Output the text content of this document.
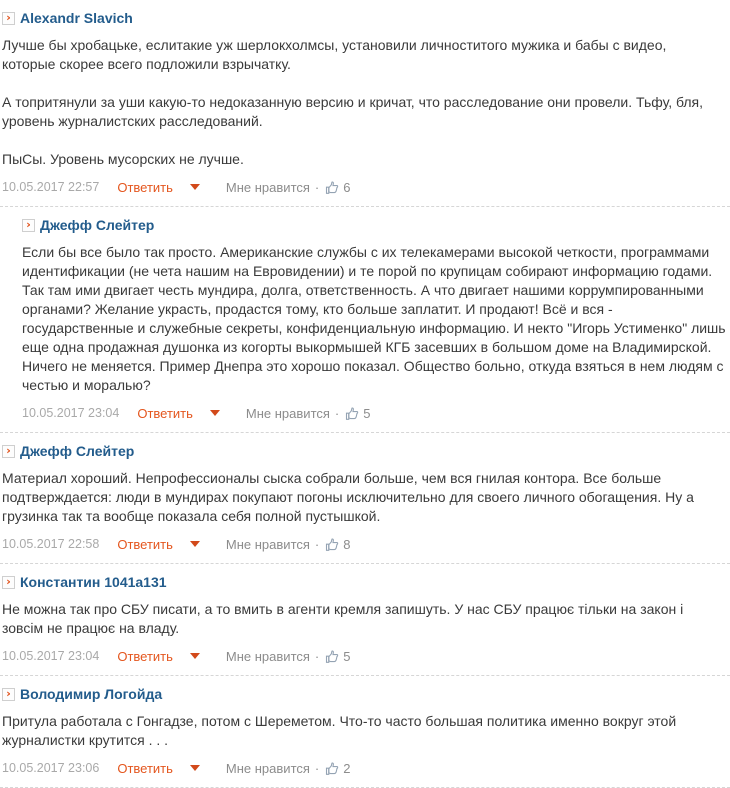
› Alexandr Slavich

Лучше бы хробацьке, еслитакие уж шерлокхолмсы, установили личноститого мужика и бабы с видео, которые скорее всего подложили взрычатку.

А топритянули за уши какую-то недоказанную версию и кричат, что расследование они провели. Тьфу, бля, уровень журналистских расследований.

ПыСы. Уровень мусорских не лучше.

10.05.2017 22:57 Ответить	Мне нравится · 6
› Джефф Слейтер

Если бы все было так просто. Американские службы с их телекамерами высокой четкости, программами идентификации (не чета нашим на Евровидении) и те порой по крупицам собирают информацию годами. Так там ими двигает честь мундира, долга, ответственность. А что двигает нашими коррумпированными органами? Желание украсть, продастся тому, кто больше заплатит. И продают! Всё и вся - государственные и служебные секреты, конфиденциальную информацию. И некто "Игорь Устименко" лишь еще одна продажная душонка из когорты выкормышей КГБ засевших в большом доме на Владимирской.

Ничего не меняется. Пример Днепра это хорошо показал. Общество больно, откуда взяться в нем людям с честью и моралью?

10.05.2017 23:04 Ответить	Мне нравится · 5
› Джефф Слейтер

Материал хороший. Непрофессионалы сыска собрали больше, чем вся гнилая контора. Все больше подтверждается: люди в мундирах покупают погоны исключительно для своего личного обогащения. Ну а грузинка так та вообще показала себя полной пустышкой.

10.05.2017 22:58 Ответить	Мне нравится · 8
› Константин 1041a131

Не можна так про СБУ писати, а то вмить в агенти кремля запишуть. У нас СБУ працює тільки на закон і зовсім не працює на владу.

10.05.2017 23:04 Ответить	Мне нравится · 5
› Володимир Логойда

Притула работала с Гонгадзе, потом с Шереметом. Что-то часто большая политика именно вокруг этой журналистки крутится . . .

10.05.2017 23:06 Ответить	Мне нравится · 2
